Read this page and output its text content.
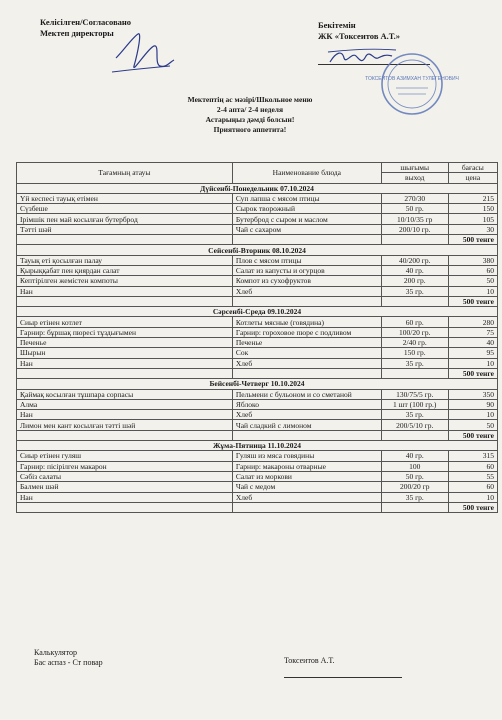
Келісілген/Согласовано
Мектеп директоры
Бекітемін
ЖК «Токсеитов А.Т.»
ТОКСЕИТОВ АЗИМХАН ТУЛЕГЕНОВИЧ
Мектептің ас мәзірі/Школьное меню
2-4 апта/ 2-4 неделя
Астарыңыз дәмді болсын!
Приятного аппетита!
Тағамның атауы	Наименование блюда	шығымы	бағасы
		выход	цена
Дүйсенбі-Понедельник 07.10.2024			
Үй кеспесі тауық етімен	Суп лапша с мясом птицы	270/30	215
Сүзбеше	Сырок творожный	50 гр.	150
Ірімшік пен май косылған бутерброд	Бутерброд с сыром и маслом	10/10/35 гр	105
Тәтті шәй	Чай с сахаром	200/10 гр.	30
			500 тенге
Сейсенбі-Вторник 08.10.2024			
Тауық еті қосылған палау	Плов с мясом птицы	40/200 гр.	380
Қырыққабат пен қиярдан салат	Салат из капусты и огурцов	40 гр.	60
Кептірілген жемістен компоты	Компот из сухофруктов	200 гр.	50
Нан	Хлеб	35 гр.	10
			500 тенге
Сәрсенбі-Среда 09.10.2024			
Сиыр етінен котлет	Котлеты мясные (говядина)	60 гр.	280
Гарнир: бұршақ пюресі тұздығымен	Гарнир: гороховое пюре с подливом	100/20 гр.	75
Печенье	Печенье	2/40 гр.	40
Шырын	Сок	150 гр.	95
Нан	Хлеб	35 гр.	10
			500 тенге
Бейсенбі-Четверг 10.10.2024			
Қаймақ косылған тұшпара сорпасы	Пельмени с бульоном и со сметаной	130/75/5 гр.	350
Алма	Яблоко	1 шт (100 гр.)	90
Нан	Хлеб	35 гр.	10
Лимон мен кант косылған тәтті шәй	Чай сладкий с лимоном	200/5/10 гр.	50
			500 тенге
Жұма-Пятница 11.10.2024			
Сиыр етінен гуляш	Гуляш из мяса говядины	40 гр.	315
Гарнир: пісірілген макарон	Гарнир: макароны отварные	100	60
Сәбіз салаты	Салат из моркови	50 гр.	55
Балмен шәй	Чай с медом	200/20 гр	60
Нан	Хлеб	35 гр.	10
			500 тенге
Калькулятор
Бас аспаз - Ст повар	Токсеитов А.Т.
